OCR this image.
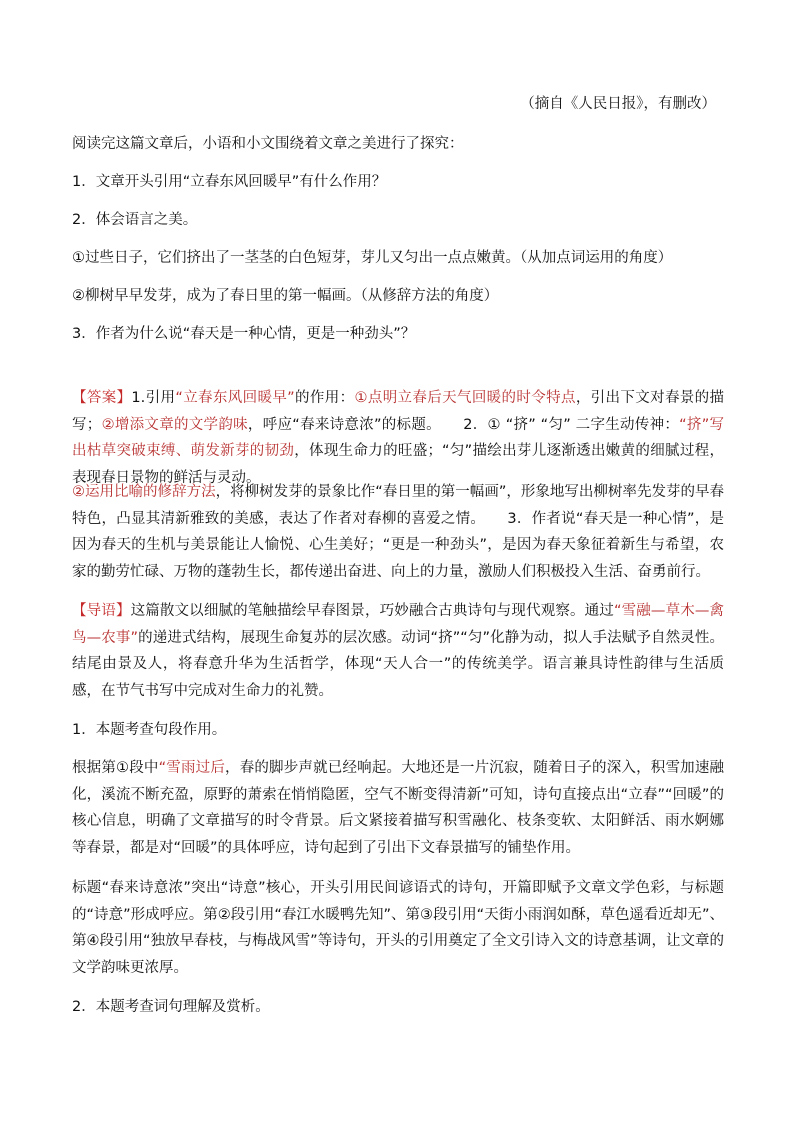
（摘自《人民日报》，有删改）
阅读完这篇文章后，小语和小文围绕着文章之美进行了探究：
1．文章开头引用“立春东风回暖早”有什么作用？
2．体会语言之美。
①过些日子，它们挤出了一茎茎的白色短芽，芽儿又匀出一点点嫩黄。（从加点词运用的角度）
②柳树早早发芽，成为了春日里的第一幅画。（从修辞方法的角度）
3．作者为什么说“春天是一种心情，更是一种劲头”？
【答案】1.引用“立春东风回暖早”的作用：①点明立春后天气回暖的时令特点，引出下文对春景的描写；②增添文章的文学韵味，呼应“春来诗意浓”的标题。　　2．① “挤” “匀” 二字生动传神：“挤”写出枯草突破束缚、萌发新芽的韧劲，体现生命力的旺盛；“匀”描绘出芽儿逐渐透出嫩黄的细腻过程，表现春日景物的鲜活与灵动。
②运用比喻的修辞方法，将柳树发芽的景象比作“春日里的第一幅画”，形象地写出柳树率先发芽的早春特色，凸显其清新雅致的美感，表达了作者对春柳的喜爱之情。　　3．作者说“春天是一种心情”，是因为春天的生机与美景能让人愉悦、心生美好；“更是一种劲头”，是因为春天象征着新生与希望，农家的勤劳忙碌、万物的蓬勃生长，都传递出奋进、向上的力量，激励人们积极投入生活、奋勇前行。
【导语】这篇散文以细腻的笔触描绘早春图景，巧妙融合古典诗句与现代观察。通过“雪融—草木—禽鸟—农事”的递进式结构，展现生命复苏的层次感。动词“挤”“匀”化静为动，拟人手法赋予自然灵性。结尾由景及人，将春意升华为生活哲学，体现“天人合一”的传统美学。语言兼具诗性韵律与生活质感，在节气书写中完成对生命力的礼赞。
1．本题考查句段作用。
根据第①段中“雪雨过后，春的脚步声就已经响起。大地还是一片沉寂，随着日子的深入，积雪加速融化，溪流不断充盈，原野的萧索在悄悄隐匿，空气不断变得清新”可知，诗句直接点出“立春”“回暖”的核心信息，明确了文章描写的时令背景。后文紧接着描写积雪融化、枝条变软、太阳鲜活、雨水婀娜等春景，都是对“回暖”的具体呼应，诗句起到了引出下文春景描写的铺垫作用。
标题“春来诗意浓”突出“诗意”核心，开头引用民间谚语式的诗句，开篇即赋予文章文学色彩，与标题的“诗意”形成呼应。第②段引用“春江水暖鸭先知”、第③段引用“天街小雨润如酥，草色遥看近却无”、第④段引用“独放早春枝，与梅战风雪”等诗句，开头的引用奠定了全文引诗入文的诗意基调，让文章的文学韵味更浓厚。
2．本题考查词句理解及赏析。
